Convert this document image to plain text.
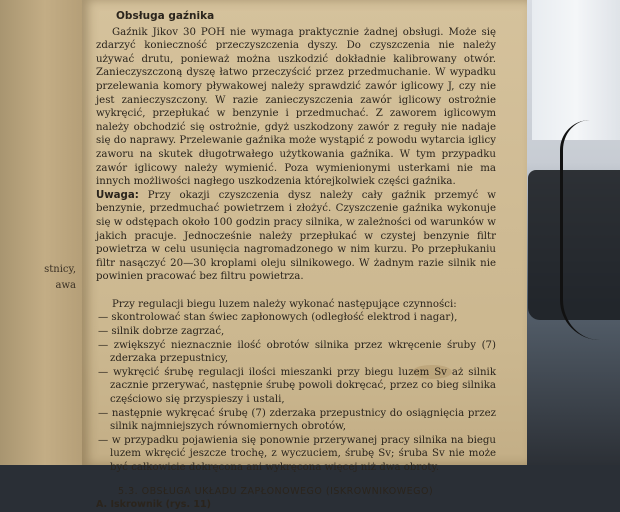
stnicy,
awa
Obsługa gaźnika

Gaźnik Jikov 30 POH nie wymaga praktycznie żadnej obsługi. Może się zdarzyć konieczność przeczyszczenia dyszy. Do czyszczenia nie należy używać drutu, ponieważ można uszkodzić dokładnie kalibrowany otwór. Zanieczyszczoną dyszę łatwo przeczyścić przez przedmuchanie. W wypadku przelewania komory pływakowej należy sprawdzić zawór iglicowy J, czy nie jest zanieczyszczony. W razie zanieczyszczenia zawór iglicowy ostrożnie wykręcić, przepłukać w benzynie i przedmuchać. Z zaworem iglicowym należy obchodzić się ostrożnie, gdyż uszkodzony zawór z reguły nie nadaje się do naprawy. Przelewanie gaźnika może wystąpić z powodu wytarcia iglicy zaworu na skutek długotrwałego użytkowania gaźnika. W tym przypadku zawór iglicowy należy wymienić. Poza wymienionymi usterkami nie ma innych możliwości nagłego uszkodzenia którejkolwiek części gaźnika.

Uwaga: Przy okazji czyszczenia dysz należy cały gaźnik przemyć w benzynie, przedmuchać powietrzem i złożyć. Czyszczenie gaźnika wykonuje się w odstępach około 100 godzin pracy silnika, w zależności od warunków w jakich pracuje. Jednocześnie należy przepłukać w czystej benzynie filtr powietrza w celu usunięcia nagromadzonego w nim kurzu. Po przepłukaniu filtr nasączyć 20—30 kroplami oleju silnikowego. W żadnym razie silnik nie powinien pracować bez filtru powietrza.

Przy regulacji biegu luzem należy wykonać następujące czynności:

— skontrolować stan świec zapłonowych (odległość elektrod i nagar),
— silnik dobrze zagrzać,
— zwiększyć nieznacznie ilość obrotów silnika przez wkręcenie śruby (7) zderzaka przepustnicy,
— wykręcić śrubę regulacji ilości mieszanki przy biegu luzem Sv aż silnik zacznie przerywać, następnie śrubę powoli dokręcać, przez co bieg silnika częściowo się przyspieszy i ustali,
— następnie wykręcać śrubę (7) zderzaka przepustnicy do osiągnięcia przez silnik najmniejszych równomiernych obrotów,
— w przypadku pojawienia się ponownie przerywanej pracy silnika na biegu luzem wkręcić jeszcze trochę, z wyczuciem, śrubę Sv; śruba Sv nie może być całkowicie dokręcona ani wykręcona więcej niż dwa obroty.
5.3. OBSŁUGA UKŁADU ZAPŁONOWEGO (ISKROWNIKOWEGO)
A. Iskrownik (rys. 11)
